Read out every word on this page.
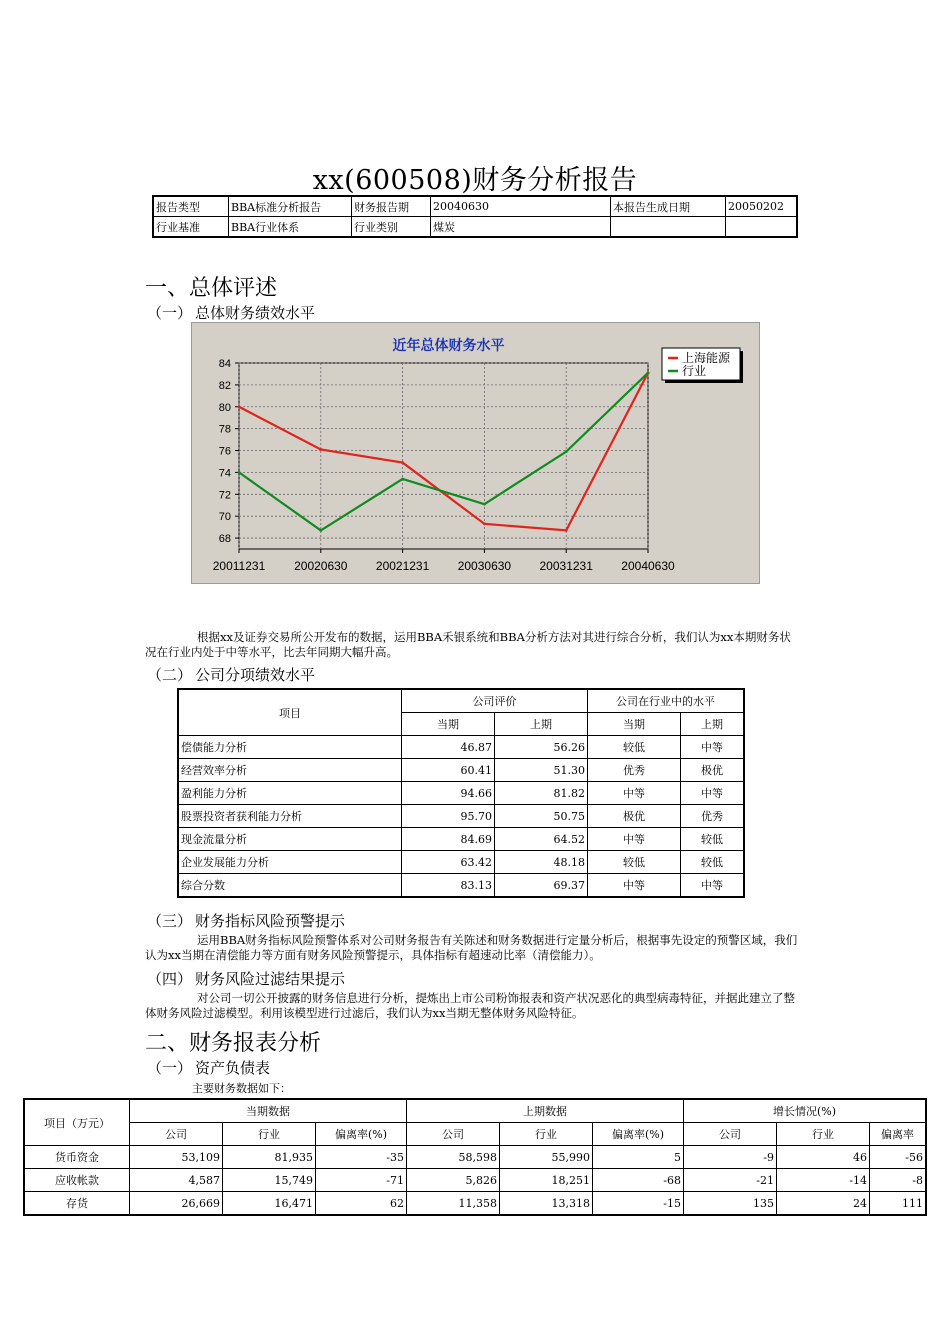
xx(600508)财务分析报告
报告类型	BBA标准分析报告	财务报告期	20040630	本报告生成日期	20050202
行业基准	BBA行业体系	行业类别	煤炭		
一、总体评述
（一） 总体财务绩效水平
68
70
72
74
76
78
80
82
84
20011231 20020630 20021231 20030630 20031231 20040630
近年总体财务水平
上海能源
行业
根据xx及证券交易所公开发布的数据，运用BBA禾银系统和BBA分析方法对其进行综合分析，我们认为xx本期财务状况在行业内处于中等水平，比去年同期大幅升高。
（二） 公司分项绩效水平
项目	公司评价		公司在行业中的水平	
	当期	上期	当期	上期
偿债能力分析	46.87	56.26	较低	中等
经营效率分析	60.41	51.30	优秀	极优
盈利能力分析	94.66	81.82	中等	中等
股票投资者获利能力分析	95.70	50.75	极优	优秀
现金流量分析	84.69	64.52	中等	较低
企业发展能力分析	63.42	48.18	较低	较低
综合分数	83.13	69.37	中等	中等
（三） 财务指标风险预警提示
运用BBA财务指标风险预警体系对公司财务报告有关陈述和财务数据进行定量分析后，根据事先设定的预警区域，我们认为xx当期在清偿能力等方面有财务风险预警提示，具体指标有超速动比率（清偿能力）。
（四） 财务风险过滤结果提示
对公司一切公开披露的财务信息进行分析，提炼出上市公司粉饰报表和资产状况恶化的典型病毒特征，并据此建立了整体财务风险过滤模型。利用该模型进行过滤后，我们认为xx当期无整体财务风险特征。
二、财务报表分析
（一） 资产负债表
主要财务数据如下：
项目（万元）	当期数据			上期数据			增长情况(%)		
	公司	行业	偏离率(%)	公司	行业	偏离率(%)	公司	行业	偏离率
货币资金	53,109	81,935	-35	58,598	55,990	5	-9	46	-56
应收帐款	4,587	15,749	-71	5,826	18,251	-68	-21	-14	-8
存货	26,669	16,471	62	11,358	13,318	-15	135	24	111
